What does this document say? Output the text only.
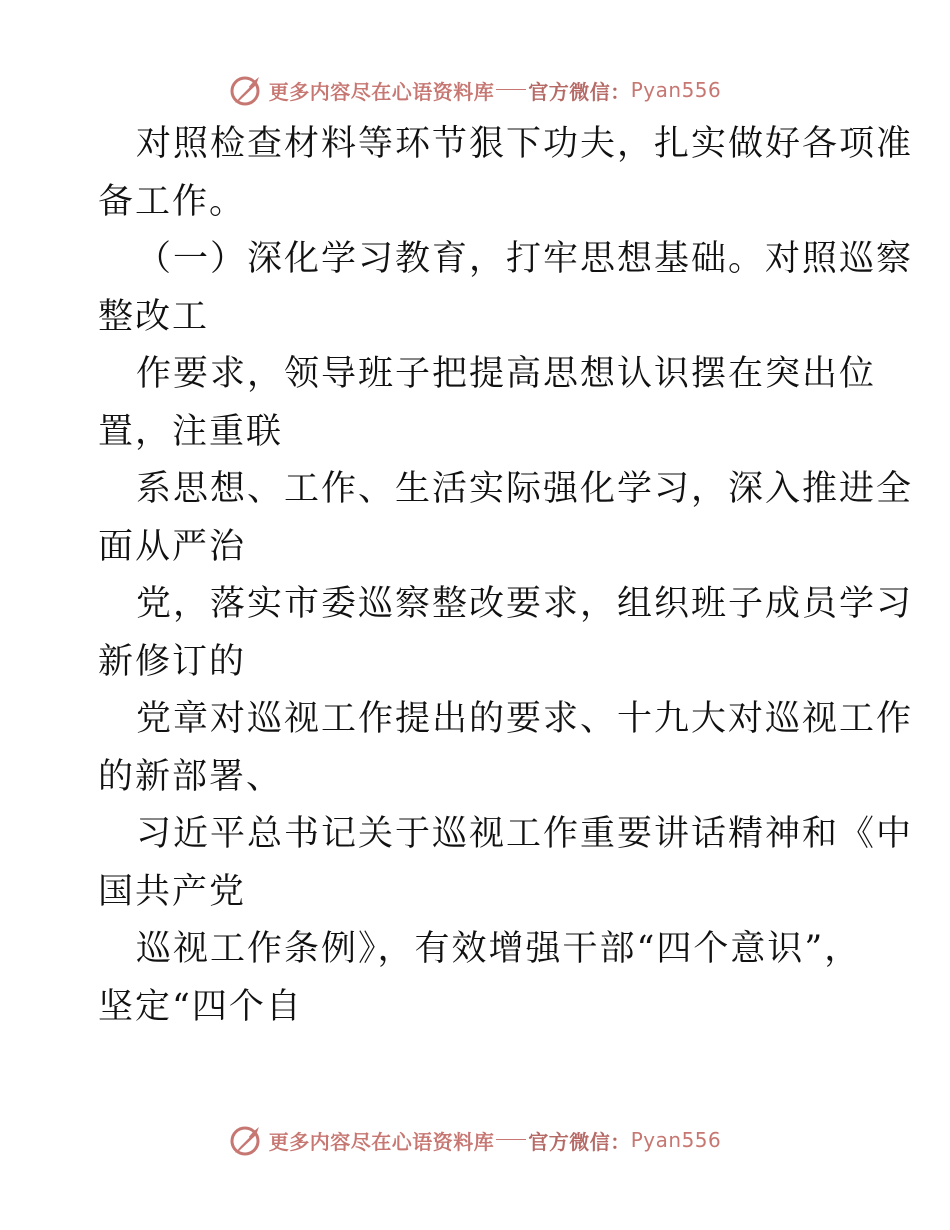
更多内容尽在心语资料库 官方微信： Pyan556
对照检查材料等环节狠下功夫，扎实做好各项准
备工作。
（一）深化学习教育，打牢思想基础。对照巡察
整改工
作要求，领导班子把提高思想认识摆在突出位
置，注重联
系思想、工作、生活实际强化学习，深入推进全
面从严治
党，落实市委巡察整改要求，组织班子成员学习
新修订的
党章对巡视工作提出的要求、十九大对巡视工作
的新部署、
习近平总书记关于巡视工作重要讲话精神和《中
国共产党
巡视工作条例》，有效增强干部“四个意识”，
坚定“四个自
更多内容尽在心语资料库 官方微信： Pyan556
